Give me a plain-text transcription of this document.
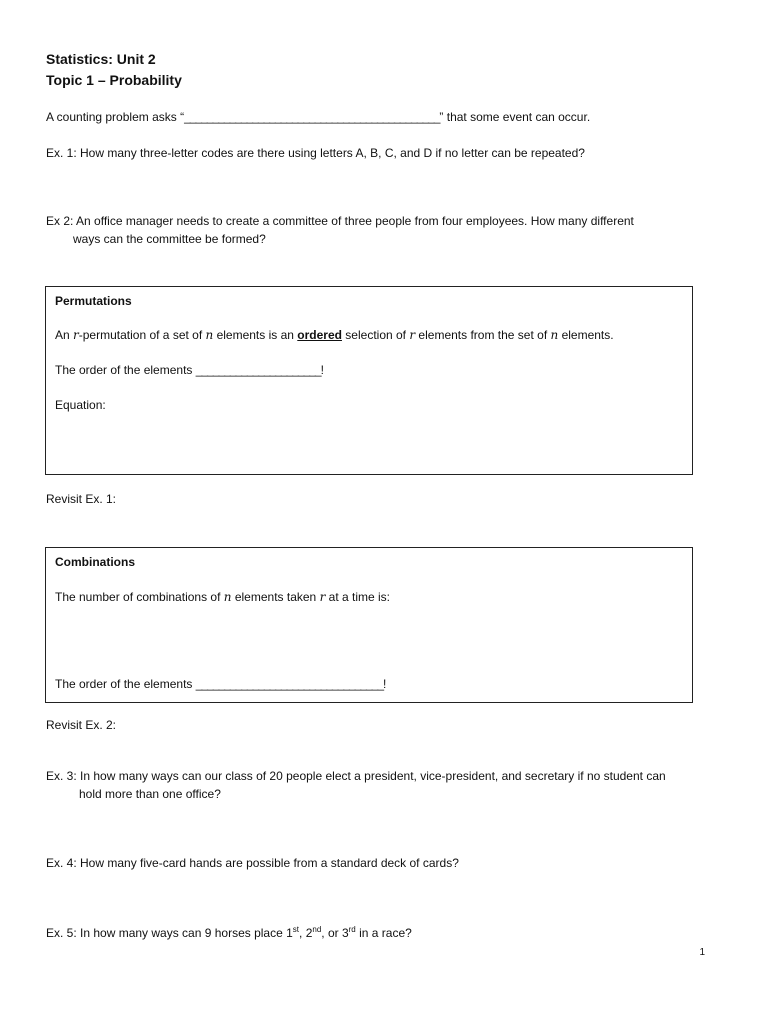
Statistics: Unit 2
Topic 1 – Probability
A counting problem asks “_____________________________________________” that some event can occur.
Ex. 1: How many three-letter codes are there using letters A, B, C, and D if no letter can be repeated?
Ex 2: An office manager needs to create a committee of three people from four employees. How many different
ways can the committee be formed?
Permutations
An r-permutation of a set of n elements is an ordered selection of r elements from the set of n elements.
The order of the elements ______________________!
Equation:
Revisit Ex. 1:
Combinations
The number of combinations of n elements taken r at a time is:
The order of the elements _________________________________!
Revisit Ex. 2:
Ex. 3: In how many ways can our class of 20 people elect a president, vice-president, and secretary if no student can
hold more than one office?
Ex. 4: How many five-card hands are possible from a standard deck of cards?
Ex. 5: In how many ways can 9 horses place 1st, 2nd, or 3rd in a race?
1
